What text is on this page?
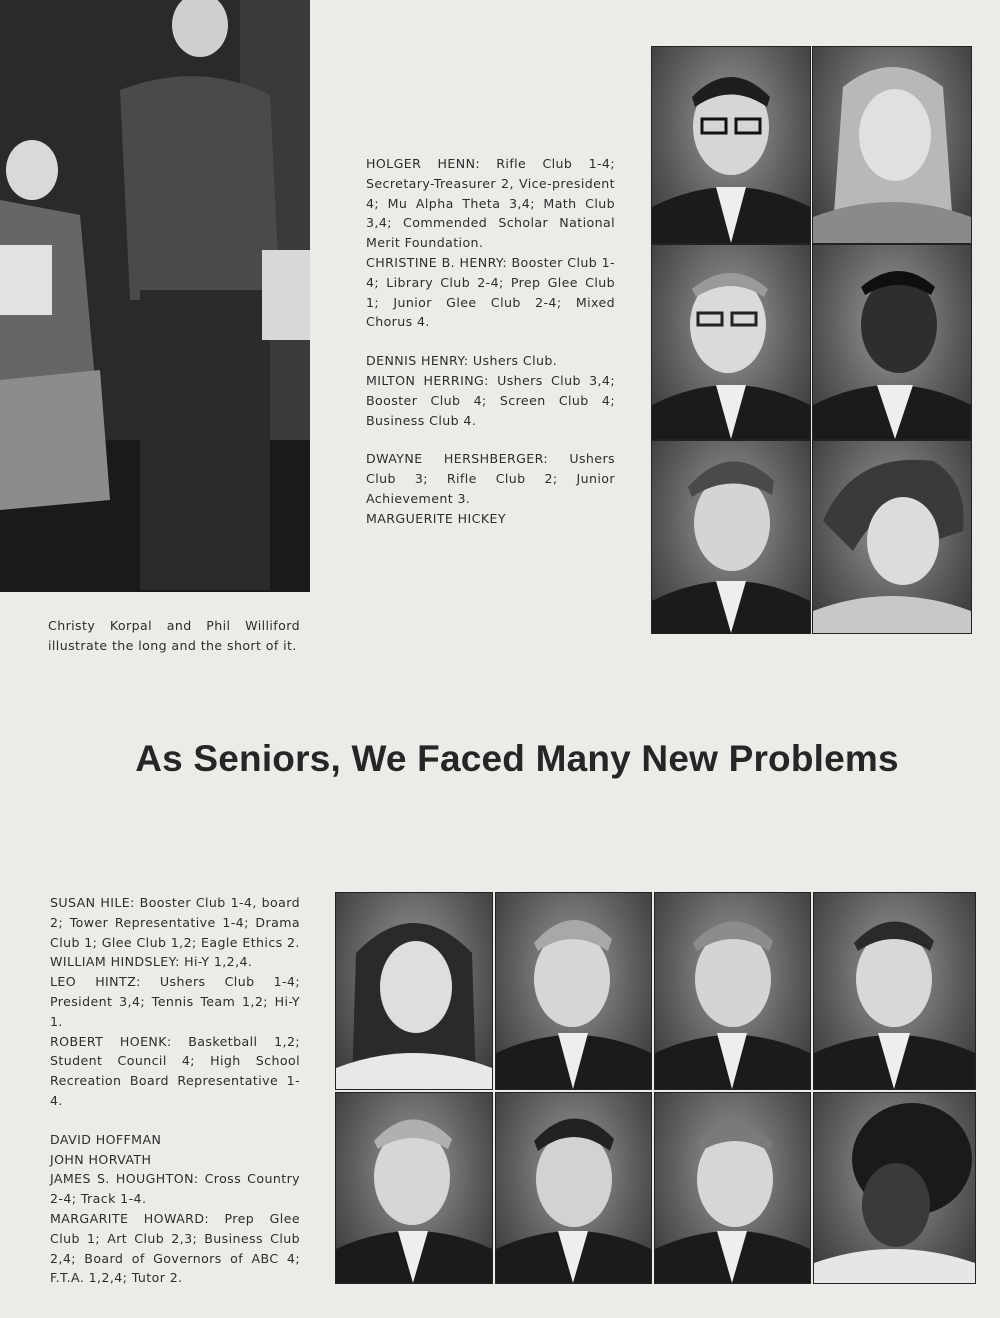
Christy Korpal and Phil Williford illustrate the long and the short of it.

HOLGER HENN: Rifle Club 1-4; Secretary-Treasurer 2, Vice-president 4; Mu Alpha Theta 3,4; Math Club 3,4; Commended Scholar National Merit Foundation.

CHRISTINE B. HENRY: Booster Club 1-4; Library Club 2-4; Prep Glee Club 1; Junior Glee Club 2-4; Mixed Chorus 4.

DENNIS HENRY: Ushers Club.

MILTON HERRING: Ushers Club 3,4; Booster Club 4; Screen Club 4; Business Club 4.

DWAYNE HERSHBERGER: Ushers Club 3; Rifle Club 2; Junior Achievement 3.

MARGUERITE HICKEY

As Seniors, We Faced Many New Problems

SUSAN HILE: Booster Club 1-4, board 2; Tower Representative 1-4; Drama Club 1; Glee Club 1,2; Eagle Ethics 2.

WILLIAM HINDSLEY: Hi-Y 1,2,4.

LEO HINTZ: Ushers Club 1-4; President 3,4; Tennis Team 1,2; Hi-Y 1.

ROBERT HOENK: Basketball 1,2; Student Council 4; High School Recreation Board Representative 1-4.

DAVID HOFFMAN

JOHN HORVATH

JAMES S. HOUGHTON: Cross Country 2-4; Track 1-4.

MARGARITE HOWARD: Prep Glee Club 1; Art Club 2,3; Business Club 2,4; Board of Governors of ABC 4; F.T.A. 1,2,4; Tutor 2.
